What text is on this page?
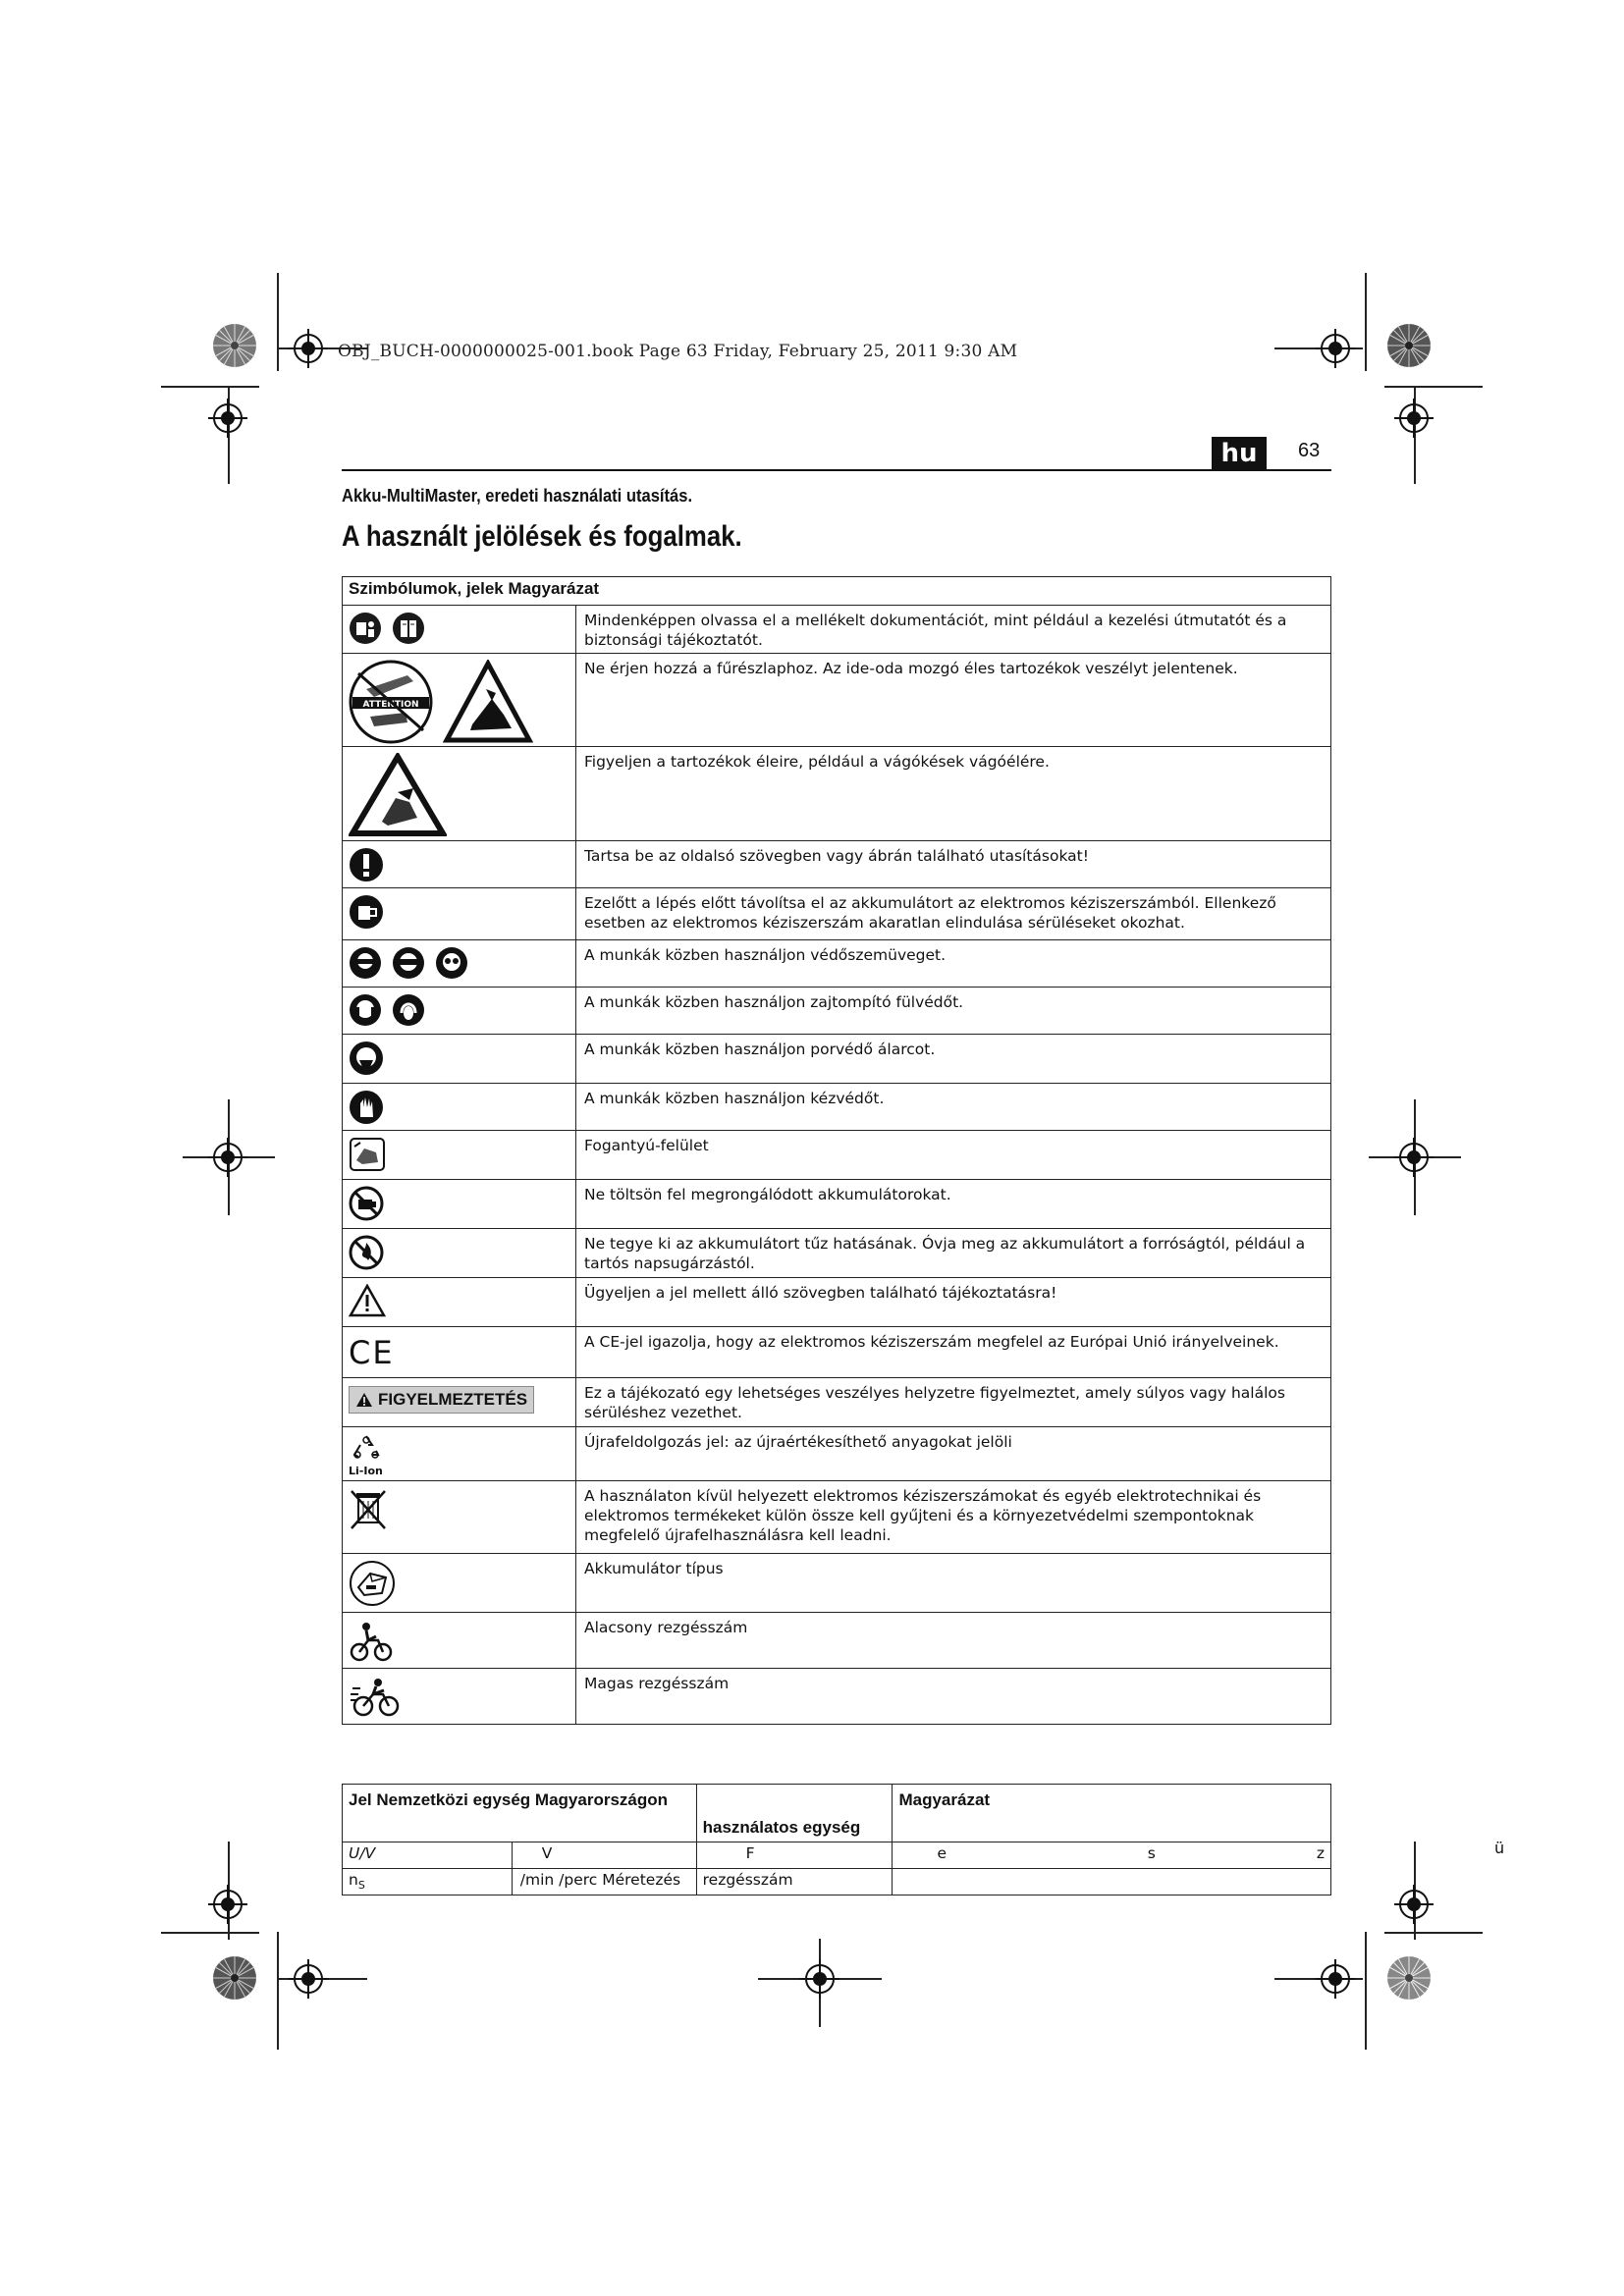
OBJ_BUCH-0000000025-001.book Page 63 Friday, February 25, 2011 9:30 AM
hu	63
Akku-MultiMaster, eredeti használati utasítás.
A használt jelölések és fogalmak.
Szimbólumok, jelek Magyarázat	

	Mindenképpen olvassa el a mellékelt dokumentációt, mint például a kezelési útmutatót és a biztonsági tájékoztatót.

ATTENTION	Ne érjen hozzá a fűrészlaphoz. Az ide-oda mozgó éles tartozékok veszélyt jelentenek.

	Figyeljen a tartozékok éleire, például a vágókések vágóélére.

	Tartsa be az oldalsó szövegben vagy ábrán található utasításokat!

	Ezelőtt a lépés előtt távolítsa el az akkumulátort az elektromos kéziszerszámból. Ellenkező esetben az elektromos kéziszerszám akaratlan elindulása sérüléseket okozhat.

	A munkák közben használjon védőszemüveget.

	A munkák közben használjon zajtompító fülvédőt.

	A munkák közben használjon porvédő álarcot.

	A munkák közben használjon kézvédőt.

	Fogantyú-felület

	Ne töltsön fel megrongálódott akkumulátorokat.

	Ne tegye ki az akkumulátort tűz hatásának. Óvja meg az akkumulátort a forróságtól, például a tartós napsugárzástól.

	Ügyeljen a jel mellett álló szövegben található tájékoztatásra!

CE	A CE-jel igazolja, hogy az elektromos kéziszerszám megfelel az Európai Unió irányelveinek.

FIGYELMEZTETÉS	Ez a tájékozató egy lehetséges veszélyes helyzetre figyelmeztet, amely súlyos vagy halálos sérüléshez vezethet.

Li-Ion	Újrafeldolgozás jel: az újraértékesíthető anyagokat jelöli

	A használaton kívül helyezett elektromos kéziszerszámokat és egyéb elektrotechnikai és elektromos termékeket külön össze kell gyűjteni és a környezetvédelmi szempontoknak megfelelő újrafelhasználásra kell leadni.

	Akkumulátor típus

	Alacsony rezgésszám

	Magas rezgésszám
Jel Nemzetközi egység Magyarországon		használatos egység	Magyarázat		
U/V	V	F	e	s	z
$n_S$	/min /perc Méretezés	rezgésszám			
ü
